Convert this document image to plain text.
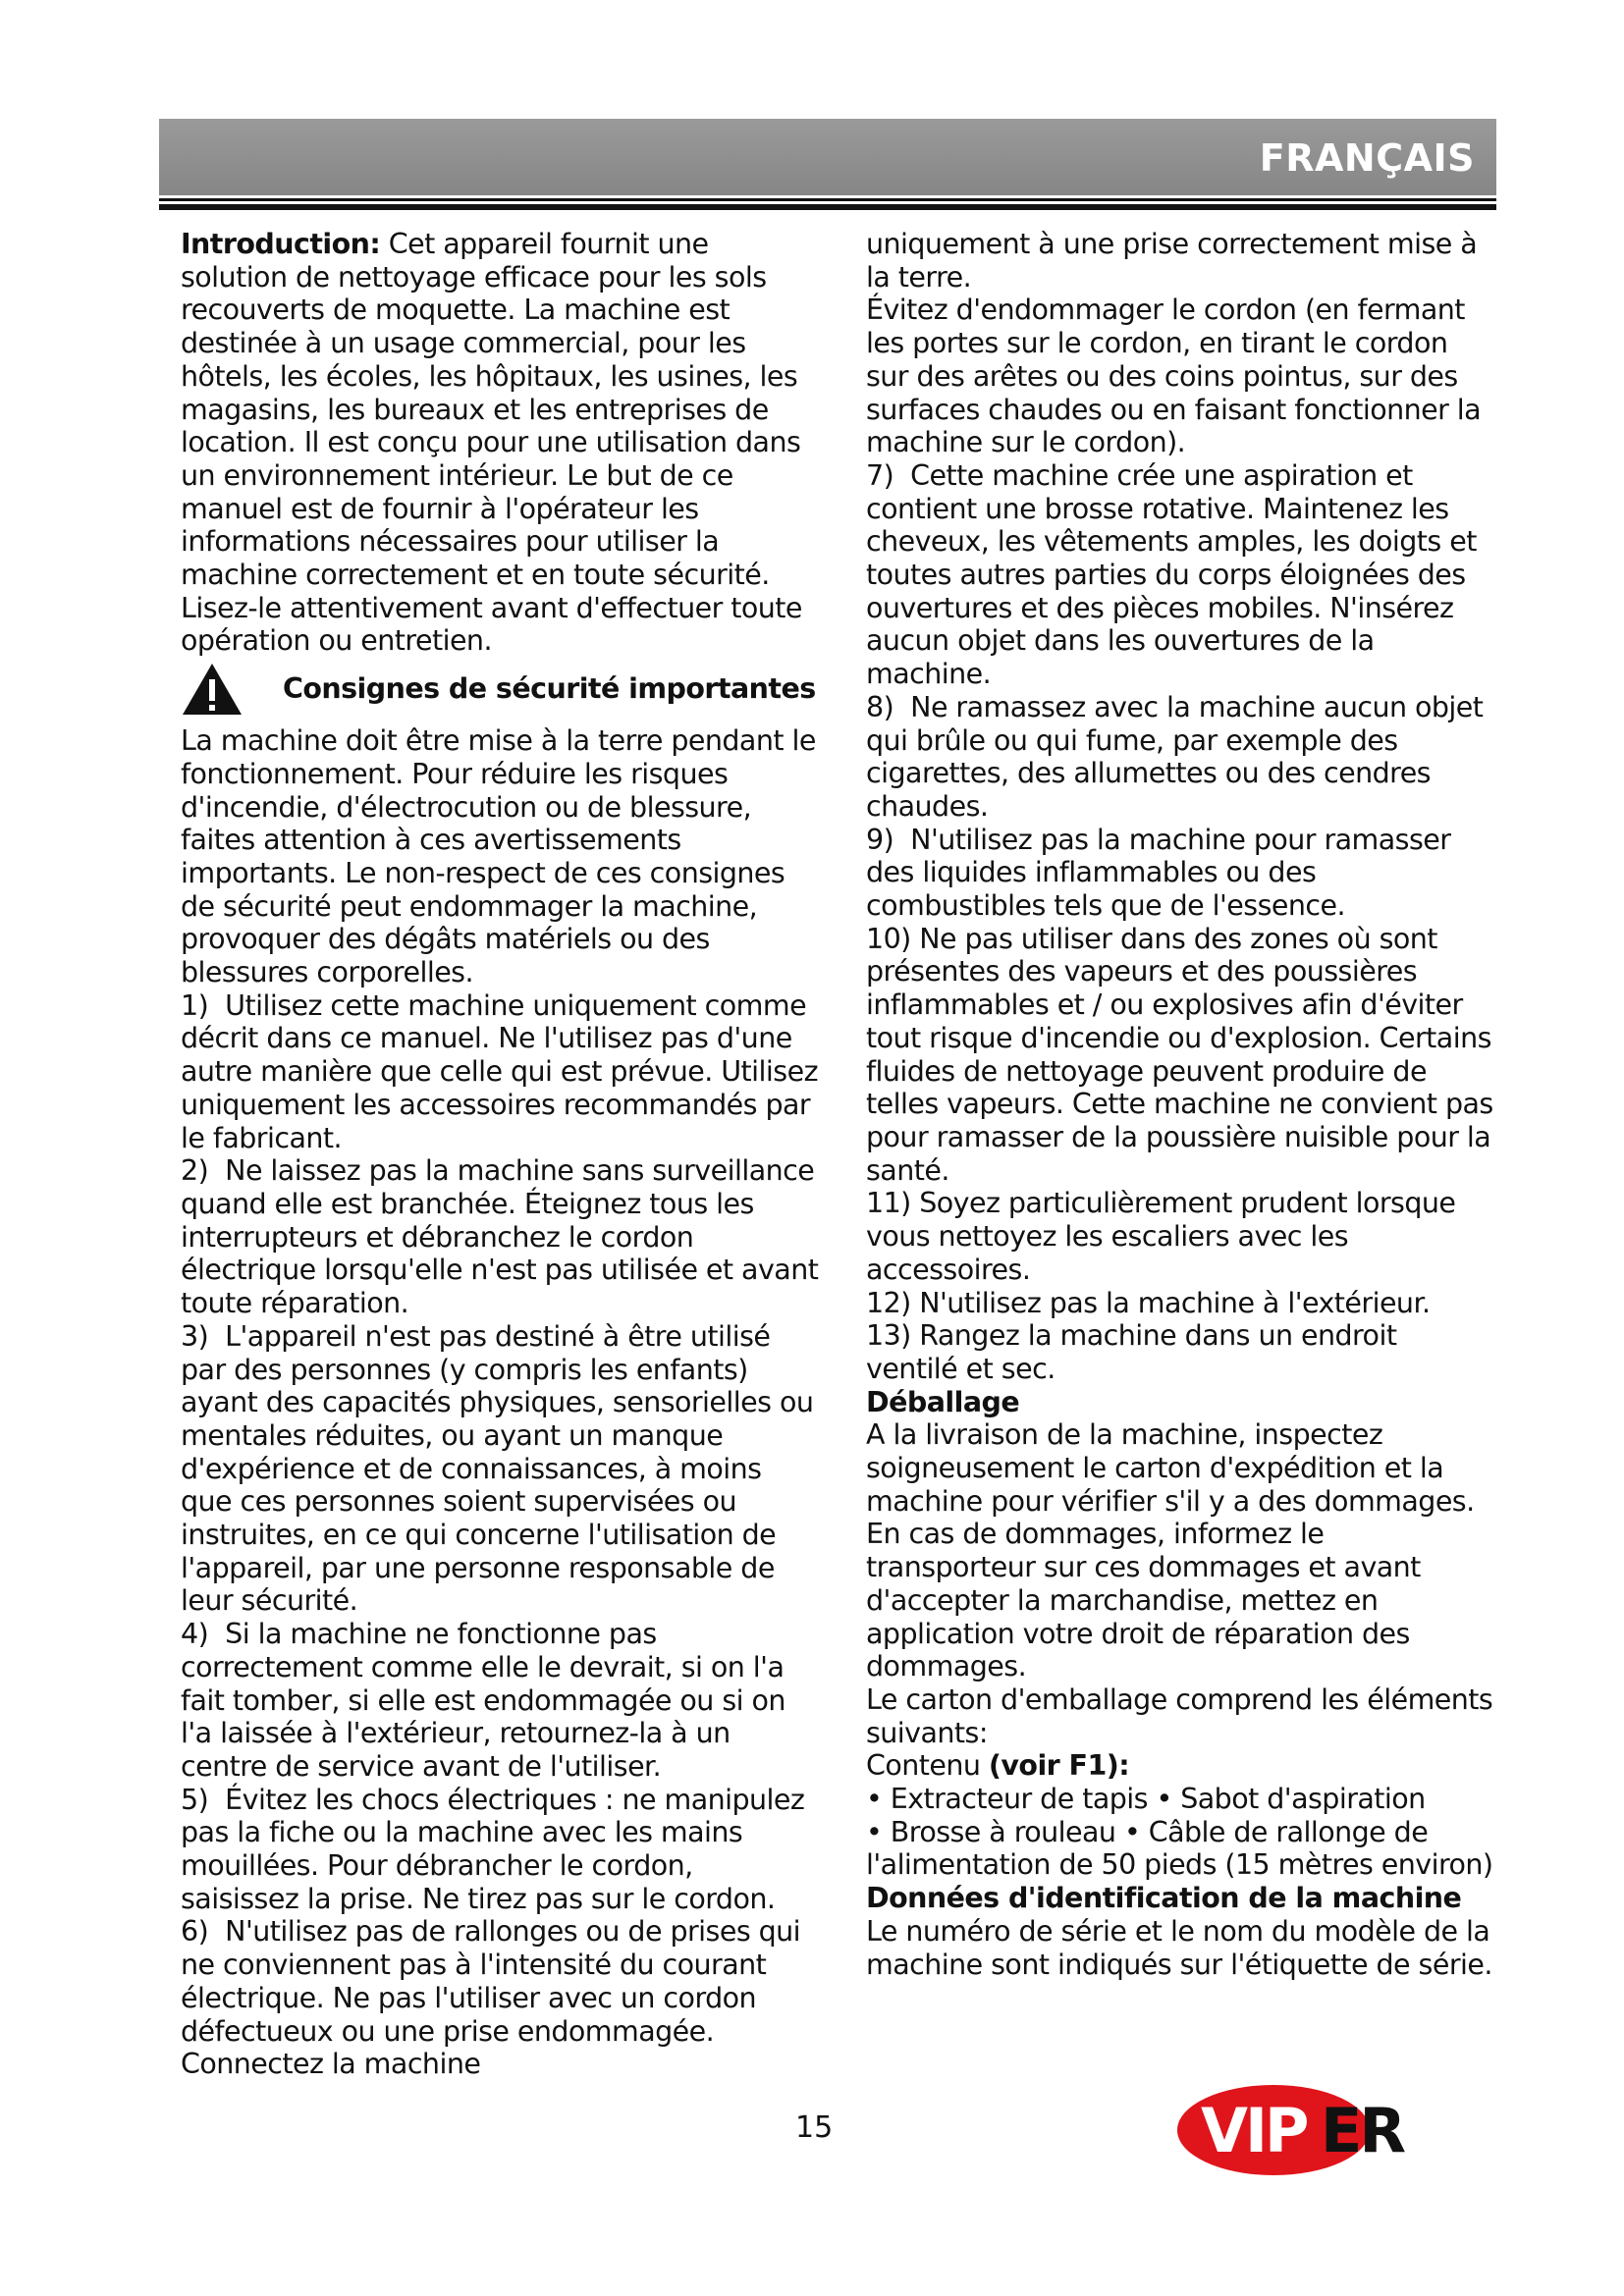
FRANÇAIS

Introduction: Cet appareil fournit une solution de nettoyage efficace pour les sols recouverts de moquette. La machine est destinée à un usage commercial, pour les hôtels, les écoles, les hôpitaux, les usines, les magasins, les bureaux et les entreprises de location. Il est conçu pour une utilisation dans un environnement intérieur. Le but de ce manuel est de fournir à l'opérateur les informations nécessaires pour utiliser la machine correctement et en toute sécurité. Lisez-le attentivement avant d'effectuer toute opération ou entretien.

Consignes de sécurité importantes

La machine doit être mise à la terre pendant le fonctionnement. Pour réduire les risques d'incendie, d'électrocution ou de blessure, faites attention à ces avertissements importants. Le non-respect de ces consignes de sécurité peut endommager la machine, provoquer des dégâts matériels ou des blessures corporelles.

1)  Utilisez cette machine uniquement comme décrit dans ce manuel. Ne l'utilisez pas d'une autre manière que celle qui est prévue. Utilisez uniquement les accessoires recommandés par le fabricant.

2)  Ne laissez pas la machine sans surveillance quand elle est branchée. Éteignez tous les interrupteurs et débranchez le cordon électrique lorsqu'elle n'est pas utilisée et avant toute réparation.

3)  L'appareil n'est pas destiné à être utilisé par des personnes (y compris les enfants) ayant des capacités physiques, sensorielles ou mentales réduites, ou ayant un manque d'expérience et de connaissances, à moins que ces personnes soient supervisées ou instruites, en ce qui concerne l'utilisation de l'appareil, par une personne responsable de leur sécurité.

4)  Si la machine ne fonctionne pas correctement comme elle le devrait, si on l'a fait tomber, si elle est endommagée ou si on l'a laissée à l'extérieur, retournez-la à un centre de service avant de l'utiliser.

5)  Évitez les chocs électriques : ne manipulez pas la fiche ou la machine avec les mains mouillées. Pour débrancher le cordon, saisissez la prise. Ne tirez pas sur le cordon.

6)  N'utilisez pas de rallonges ou de prises qui ne conviennent pas à l'intensité du courant électrique. Ne pas l'utiliser avec un cordon défectueux ou une prise endommagée. Connectez la machine

uniquement à une prise correctement mise à la terre.

Évitez d'endommager le cordon (en fermant les portes sur le cordon, en tirant le cordon sur des arêtes ou des coins pointus, sur des surfaces chaudes ou en faisant fonctionner la machine sur le cordon).

7)  Cette machine crée une aspiration et contient une brosse rotative. Maintenez les cheveux, les vêtements amples, les doigts et toutes autres parties du corps éloignées des ouvertures et des pièces mobiles. N'insérez aucun objet dans les ouvertures de la machine.

8)  Ne ramassez avec la machine aucun objet qui brûle ou qui fume, par exemple des cigarettes, des allumettes ou des cendres chaudes.

9)  N'utilisez pas la machine pour ramasser des liquides inflammables ou des combustibles tels que de l'essence.

10) Ne pas utiliser dans des zones où sont présentes des vapeurs et des poussières inflammables et / ou explosives afin d'éviter tout risque d'incendie ou d'explosion. Certains fluides de nettoyage peuvent produire de telles vapeurs. Cette machine ne convient pas pour ramasser de la poussière nuisible pour la santé.

11) Soyez particulièrement prudent lorsque vous nettoyez les escaliers avec les accessoires.

12) N'utilisez pas la machine à l'extérieur.

13) Rangez la machine dans un endroit ventilé et sec.

Déballage

A la livraison de la machine, inspectez soigneusement le carton d'expédition et la machine pour vérifier s'il y a des dommages. En cas de dommages, informez le transporteur sur ces dommages et avant d'accepter la marchandise, mettez en application votre droit de réparation des dommages.

Le carton d'emballage comprend les éléments suivants:

Contenu (voir F1):

• Extracteur de tapis • Sabot d'aspiration

• Brosse à rouleau • Câble de rallonge de l'alimentation de 50 pieds (15 mètres environ)

Données d'identification de la machine

Le numéro de série et le nom du modèle de la machine sont indiqués sur l'étiquette de série.

15	VIP ER
